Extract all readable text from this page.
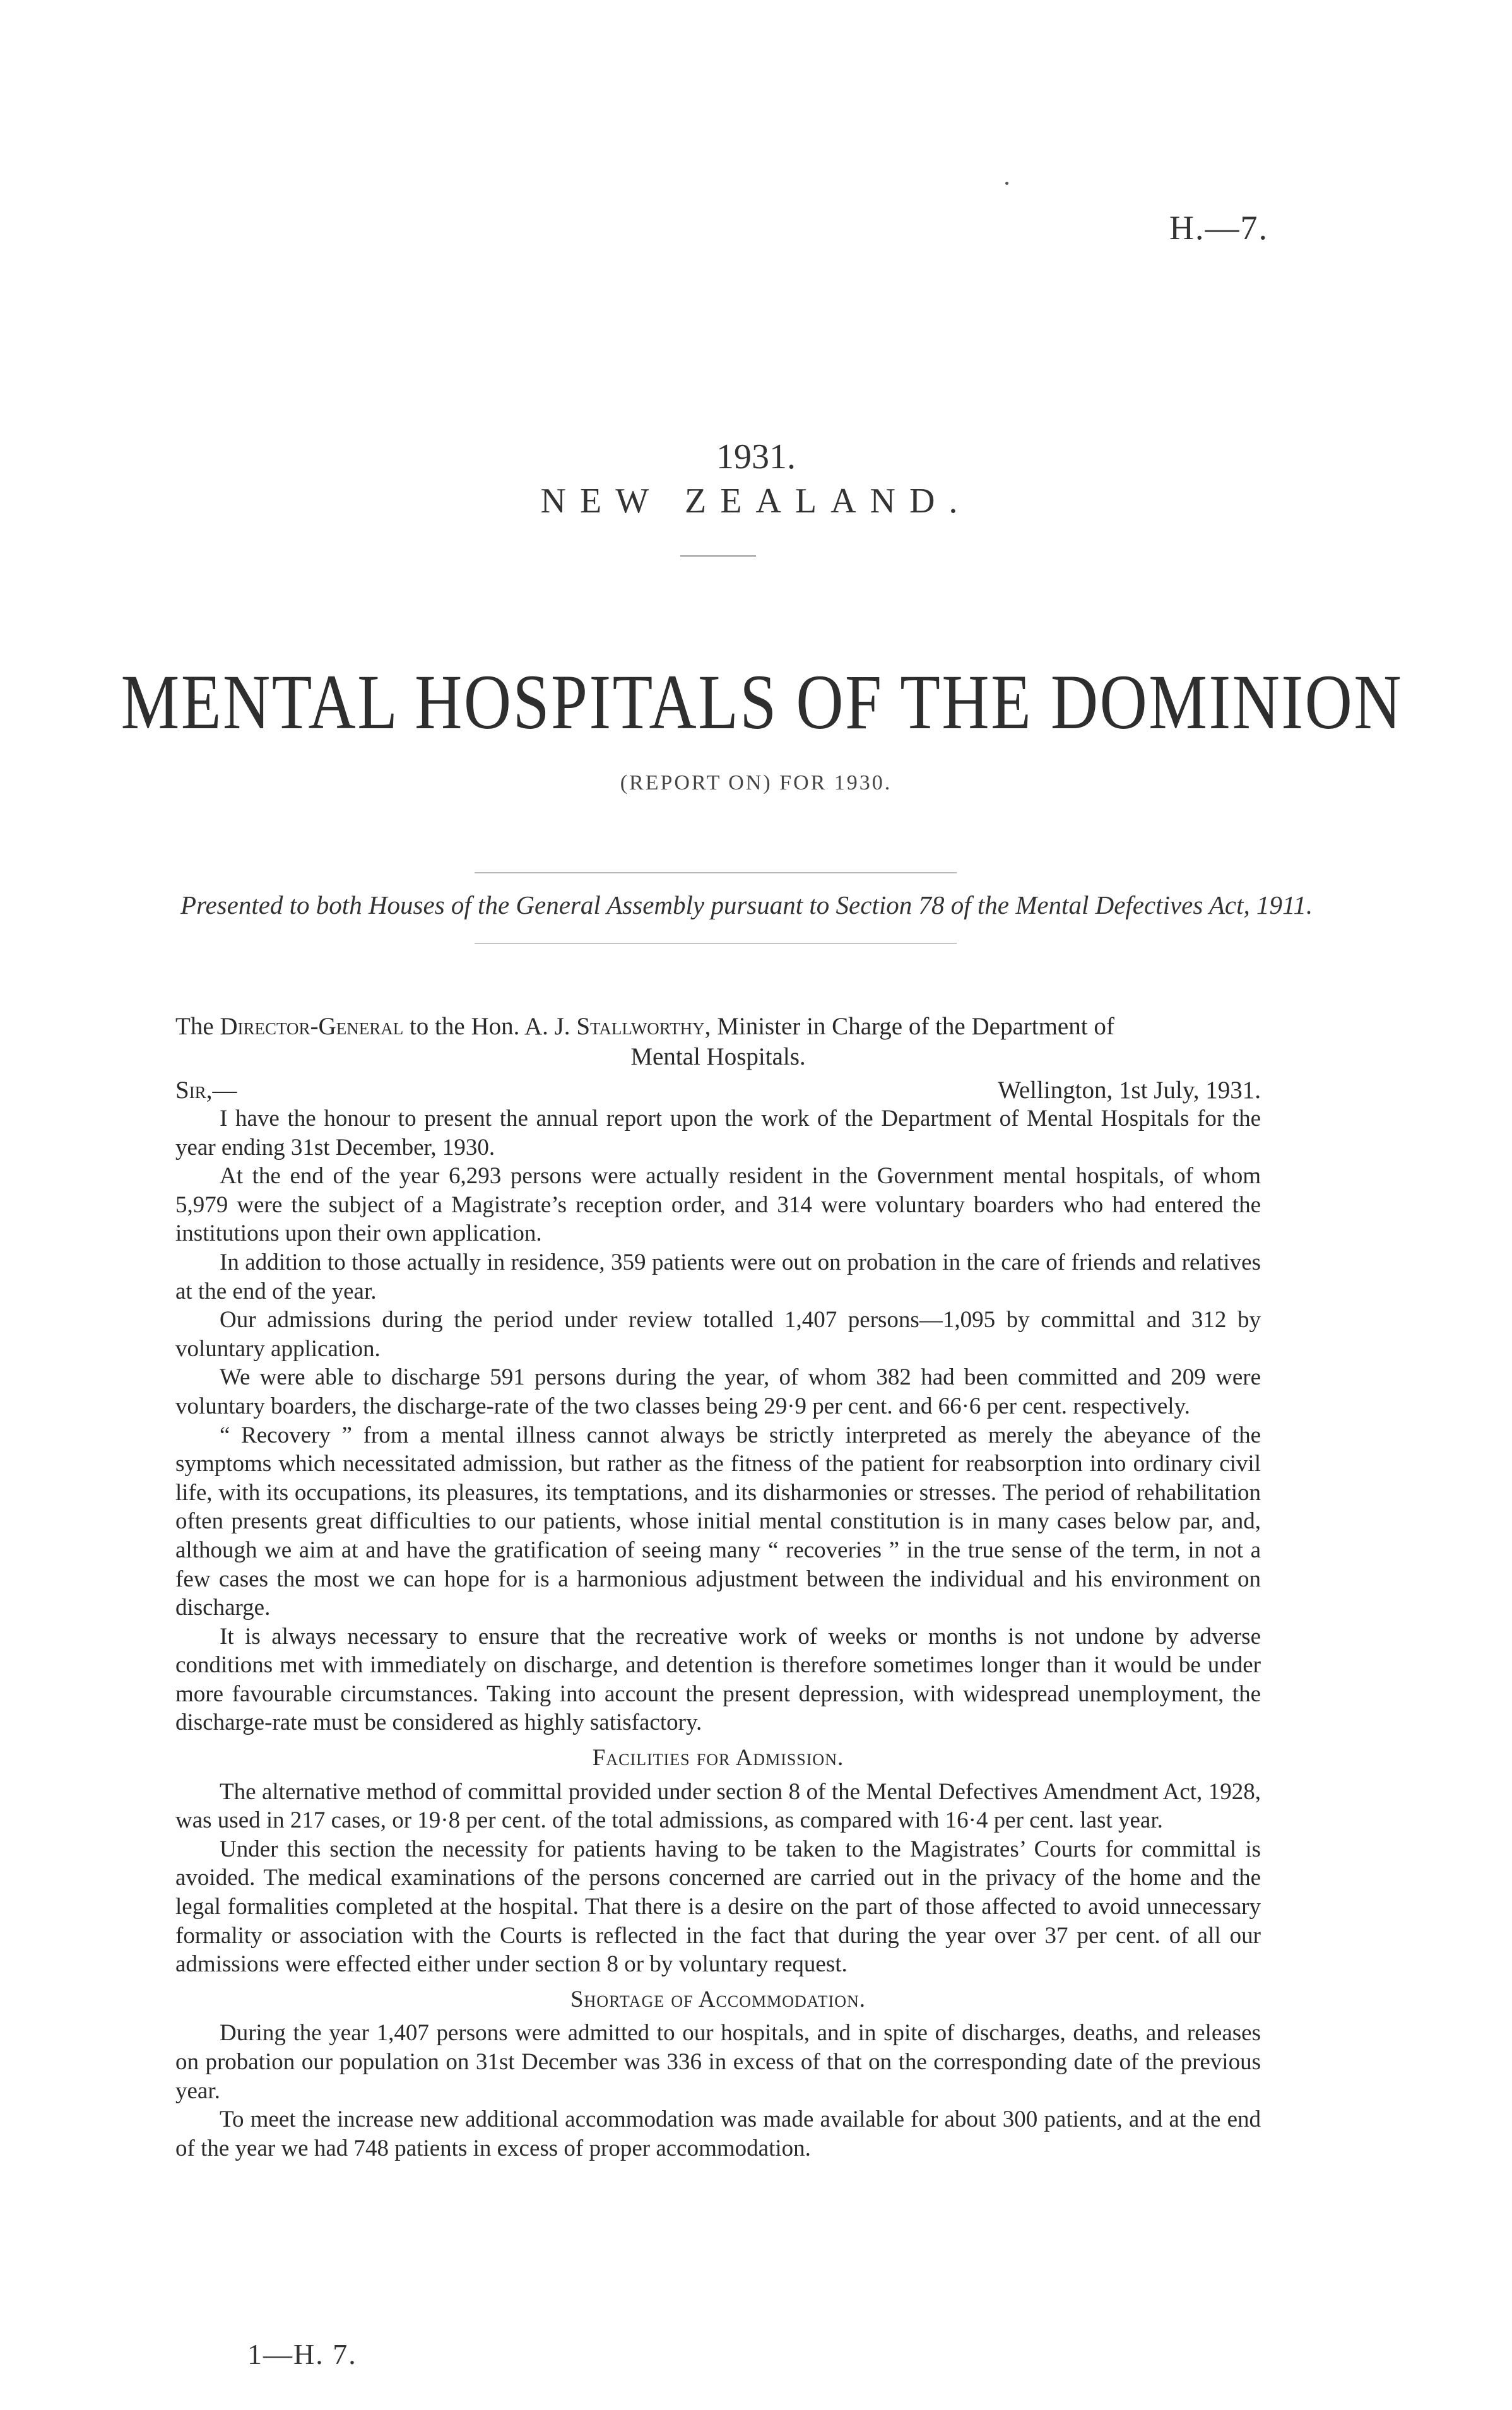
H.—7.
1931.
NEW ZEALAND.
MENTAL HOSPITALS OF THE DOMINION
(REPORT ON) FOR 1930.
Presented to both Houses of the General Assembly pursuant to Section 78 of the Mental Defectives Act, 1911.
The Director-General to the Hon. A. J. Stallworthy, Minister in Charge of the Department of
Mental Hospitals.
Sir,—	Wellington, 1st July, 1931.

I have the honour to present the annual report upon the work of the Department of Mental Hospitals for the year ending 31st December, 1930.

At the end of the year 6,293 persons were actually resident in the Government mental hospitals, of whom 5,979 were the subject of a Magistrate’s reception order, and 314 were voluntary boarders who had entered the institutions upon their own application.

In addition to those actually in residence, 359 patients were out on probation in the care of friends and relatives at the end of the year.

Our admissions during the period under review totalled 1,407 persons—1,095 by committal and 312 by voluntary application.

We were able to discharge 591 persons during the year, of whom 382 had been committed and 209 were voluntary boarders, the discharge-rate of the two classes being 29·9 per cent. and 66·6 per cent. respectively.

“ Recovery ” from a mental illness cannot always be strictly interpreted as merely the abeyance of the symptoms which necessitated admission, but rather as the fitness of the patient for reabsorption into ordinary civil life, with its occupations, its pleasures, its temptations, and its disharmonies or stresses. The period of rehabilitation often presents great difficulties to our patients, whose initial mental constitution is in many cases below par, and, although we aim at and have the gratification of seeing many “ recoveries ” in the true sense of the term, in not a few cases the most we can hope for is a harmonious adjustment between the individual and his environment on discharge.

It is always necessary to ensure that the recreative work of weeks or months is not undone by adverse conditions met with immediately on discharge, and detention is therefore sometimes longer than it would be under more favourable circumstances. Taking into account the present depression, with widespread unemployment, the discharge-rate must be considered as highly satisfactory.

Facilities for Admission.

The alternative method of committal provided under section 8 of the Mental Defectives Amendment Act, 1928, was used in 217 cases, or 19·8 per cent. of the total admissions, as compared with 16·4 per cent. last year.

Under this section the necessity for patients having to be taken to the Magistrates’ Courts for committal is avoided. The medical examinations of the persons concerned are carried out in the privacy of the home and the legal formalities completed at the hospital. That there is a desire on the part of those affected to avoid unnecessary formality or association with the Courts is reflected in the fact that during the year over 37 per cent. of all our admissions were effected either under section 8 or by voluntary request.

Shortage of Accommodation.

During the year 1,407 persons were admitted to our hospitals, and in spite of discharges, deaths, and releases on probation our population on 31st December was 336 in excess of that on the corresponding date of the previous year.

To meet the increase new additional accommodation was made available for about 300 patients, and at the end of the year we had 748 patients in excess of proper accommodation.

1—H. 7.
